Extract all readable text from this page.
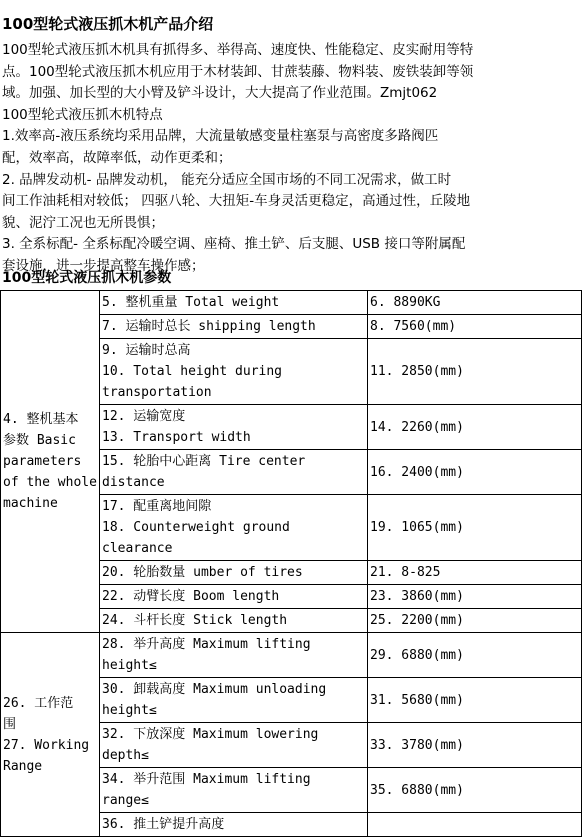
100型轮式液压抓木机产品介绍
100型轮式液压抓木机具有抓得多、举得高、速度快、性能稳定、皮实耐用等特
点。100型轮式液压抓木机应用于木材装卸、甘蔗装藤、物料装、废铁装卸等领
域。加强、加长型的大小臂及铲斗设计，大大提高了作业范围。Zmjt062
100型轮式液压抓木机特点
1.效率高-液压系统均采用品牌，大流量敏感变量柱塞泵与高密度多路阀匹
配，效率高，故障率低，动作更柔和；
2. 品牌发动机- 品牌发动机， 能充分适应全国市场的不同工况需求，做工时
间工作油耗相对较低； 四驱八轮、大扭矩-车身灵活更稳定，高通过性，丘陵地
貌、泥泞工况也无所畏惧；
3. 全系标配- 全系标配冷暖空调、座椅、推土铲、后支腿、USB 接口等附属配
套设施，进一步提高整车操作感；
100型轮式液压抓木机参数
4. 整机基本
参数 Basic
parameters
of the whole
machine	5. 整机重量 Total weight	6. 8890KG

	7. 运输时总长 shipping length	8. 7560(mm)

	9. 运输时总高
10. Total height during
transportation	11. 2850(mm)

	12. 运输宽度
13. Transport width	14. 2260(mm)

	15. 轮胎中心距离 Tire center
distance	16. 2400(mm)

	17. 配重离地间隙
18. Counterweight ground
clearance	19. 1065(mm)

	20. 轮胎数量 umber of tires	21. 8-825

	22. 动臂长度 Boom length	23. 3860(mm)

	24. 斗杆长度 Stick length	25. 2200(mm)

26. 工作范
围
27. Working
Range	28. 举升高度 Maximum lifting
height≤	29. 6880(mm)

	30. 卸载高度 Maximum unloading
height≤	31. 5680(mm)

	32. 下放深度 Maximum lowering
depth≤	33. 3780(mm)

	34. 举升范围 Maximum lifting
range≤	35. 6880(mm)

	36. 推土铲提升高度	
